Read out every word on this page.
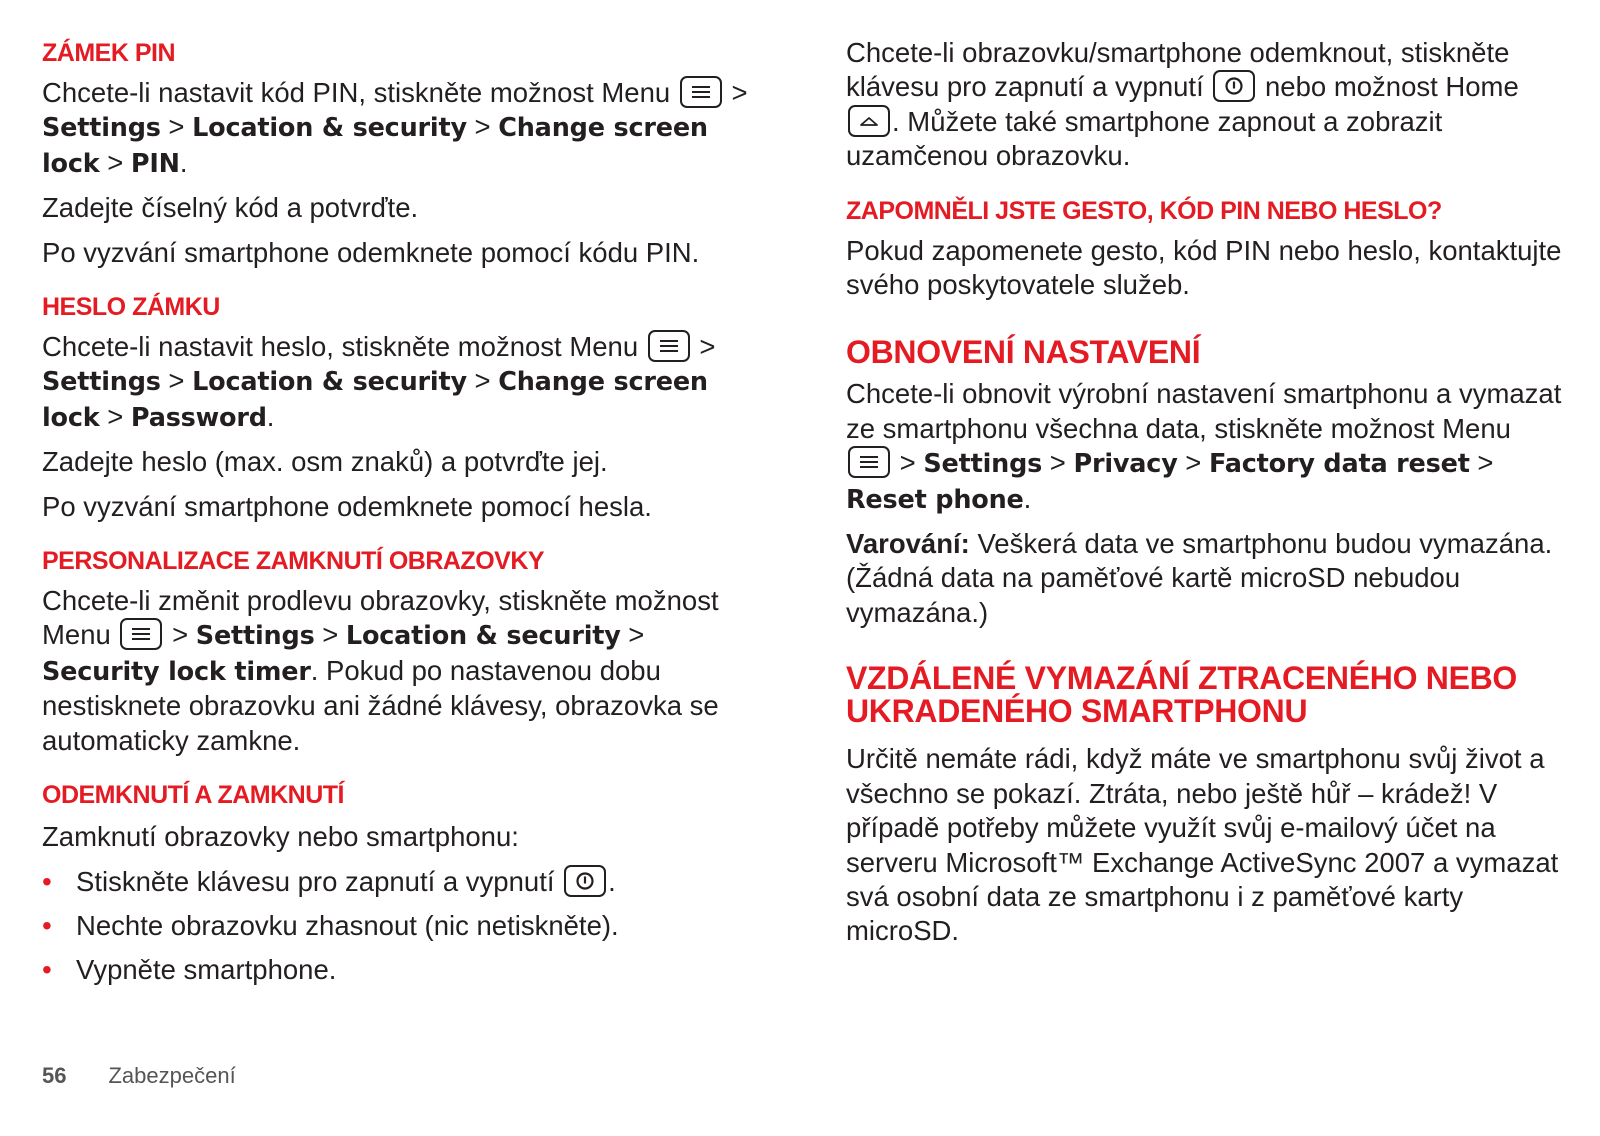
ZÁMEK PIN

Chcete-li nastavit kód PIN, stiskněte možnost Menu > Settings > Location & security > Change screen lock > PIN.

Zadejte číselný kód a potvrďte.

Po vyzvání smartphone odemknete pomocí kódu PIN.

HESLO ZÁMKU

Chcete-li nastavit heslo, stiskněte možnost Menu > Settings > Location & security > Change screen lock > Password.

Zadejte heslo (max. osm znaků) a potvrďte jej.

Po vyzvání smartphone odemknete pomocí hesla.

PERSONALIZACE ZAMKNUTÍ OBRAZOVKY

Chcete-li změnit prodlevu obrazovky, stiskněte možnost Menu > Settings > Location & security > Security lock timer. Pokud po nastavenou dobu nestisknete obrazovku ani žádné klávesy, obrazovka se automaticky zamkne.

ODEMKNUTÍ A ZAMKNUTÍ

Zamknutí obrazovky nebo smartphonu:

• Stiskněte klávesu pro zapnutí a vypnutí .

• Nechte obrazovku zhasnout (nic netiskněte).

• Vypněte smartphone.

Chcete-li obrazovku/smartphone odemknout, stiskněte klávesu pro zapnutí a vypnutí nebo možnost Home
. Můžete také smartphone zapnout a zobrazit uzamčenou obrazovku.

ZAPOMNĚLI JSTE GESTO, KÓD PIN NEBO HESLO?

Pokud zapomenete gesto, kód PIN nebo heslo, kontaktujte svého poskytovatele služeb.

OBNOVENÍ NASTAVENÍ

Chcete-li obnovit výrobní nastavení smartphonu a vymazat ze smartphonu všechna data, stiskněte možnost Menu
> Settings > Privacy > Factory data reset > Reset phone.

Varování: Veškerá data ve smartphonu budou vymazána. (Žádná data na paměťové kartě microSD nebudou vymazána.)

VZDÁLENÉ VYMAZÁNÍ ZTRACENÉHO NEBO
UKRADENÉHO SMARTPHONU

Určitě nemáte rádi, když máte ve smartphonu svůj život a všechno se pokazí. Ztráta, nebo ještě hůř – krádež! V případě potřeby můžete využít svůj e-mailový účet na serveru Microsoft™ Exchange ActiveSync 2007 a vymazat svá osobní data ze smartphonu i z paměťové karty microSD.

56 Zabezpečení
